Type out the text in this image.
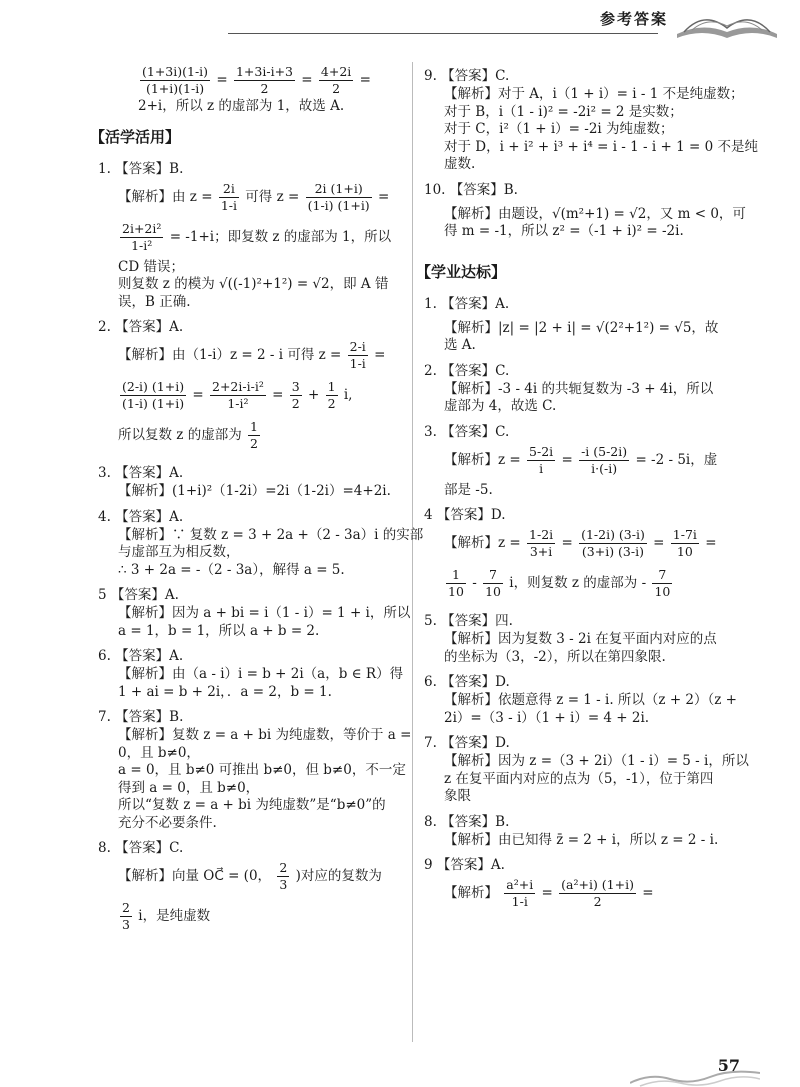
参考答案
$\frac{(1+3i)(1-i)}{(1+i)(1-i)} = \frac{1+3i-i+3}{2} = \frac{4+2i}{2}$ =
2+i，所以 z 的虚部为 1，故选 A.
【活学活用】
1. 【答案】B.
【解析】由 $z = \frac{2i}{1-i}$ 可得 $z = \frac{2i (1+i)}{(1-i) (1+i)}$ =
$\frac{\text{2i+2i²}}{\text{1-i²}} = -1+i$；即复数 z 的虚部为 1，所以
CD 错误；
则复数 z 的模为 √((-1)²+1²) = √2，即 A 错
误，B 正确.
2. 【答案】A.
【解析】由（1-i）z = 2 - i 可得 $z = \frac{2-i}{1-i}$ =
$\frac{(2-i) (1+i)}{(1-i) (1+i)} = \frac{\text{2+2i-i-i²}}{\text{1-i²}} = \frac{3}{2} + \frac{1}{2} i$,
所以复数 z 的虚部为 $\frac{1}{2}$
3. 【答案】A.
【解析】(1+i)²（1-2i）=2i（1-2i）=4+2i.
4. 【答案】A.
【解析】∵ 复数 z = 3 + 2a +（2 - 3a）i 的实部
与虚部互为相反数，
∴ 3 + 2a = -（2 - 3a），解得 a = 5.
5 【答案】A.
【解析】因为 a + bi = i（1 - i）= 1 + i，所以
a = 1，b = 1，所以 a + b = 2.
6. 【答案】A.
【解析】由（a - i）i = b + 2i（a，b ∈ R）得
1 + ai = b + 2i，．a = 2，b = 1.
7. 【答案】B.
【解析】复数 z = a + bi 为纯虚数，等价于 a =
0，且 b≠0，
a = 0，且 b≠0 可推出 b≠0，但 b≠0，不一定
得到 a = 0，且 b≠0，
所以“复数 z = a + bi 为纯虚数”是“b≠0”的
充分不必要条件.
8. 【答案】C.
【解析】向量 OC⃗ = (0， $\frac{2}{3}$ )对应的复数为
$\frac{2}{3}$ i，是纯虚数
9. 【答案】C.
【解析】对于 A，i（1 + i）= i - 1 不是纯虚数；
对于 B，i（1 - i)² = -2i² = 2 是实数；
对于 C，i²（1 + i）= -2i 为纯虚数；
对于 D，i + i² + i³ + i⁴ = i - 1 - i + 1 = 0 不是纯
虚数.
10. 【答案】B.
【解析】由题设，√(m²+1) = √2，又 m < 0，可
得 m = -1，所以 z² =（-1 + i)² = -2i.
【学业达标】
1. 【答案】A.
【解析】|z| = |2 + i| = √(2²+1²) = √5，故
选 A.
2. 【答案】C.
【解析】-3 - 4i 的共轭复数为 -3 + 4i，所以
虚部为 4，故选 C.
3. 【答案】C.
【解析】$z = \frac{5-2i}{i} = \frac{-i (5-2i)}{i\cdot(-i)} = -2 - 5i$，虚
部是 -5.
4 【答案】D.
【解析】$z = \frac{1-2i}{3+i} = \frac{(1-2i) (3-i)}{(3+i) (3-i)} = \frac{1-7i}{10}$ =
$\frac{1}{10} - \frac{7}{10}$ i，则复数 z 的虚部为 - $\frac{7}{10}$
5. 【答案】四.
【解析】因为复数 3 - 2i 在复平面内对应的点
的坐标为（3，-2），所以在第四象限.
6. 【答案】D.
【解析】依题意得 z = 1 - i. 所以（z + 2）（z +
2i）=（3 - i）（1 + i）= 4 + 2i.
7. 【答案】D.
【解析】因为 z =（3 + 2i）（1 - i）= 5 - i，所以
z 在复平面内对应的点为（5，-1），位于第四
象限
8. 【答案】B.
【解析】由已知得 z̄ = 2 + i，所以 z = 2 - i.
9 【答案】A.
【解析】 $\frac{\text{a²+i}}{1-i} = \frac{\text{(a²+i) (1+i)}}{2}$ =
57
